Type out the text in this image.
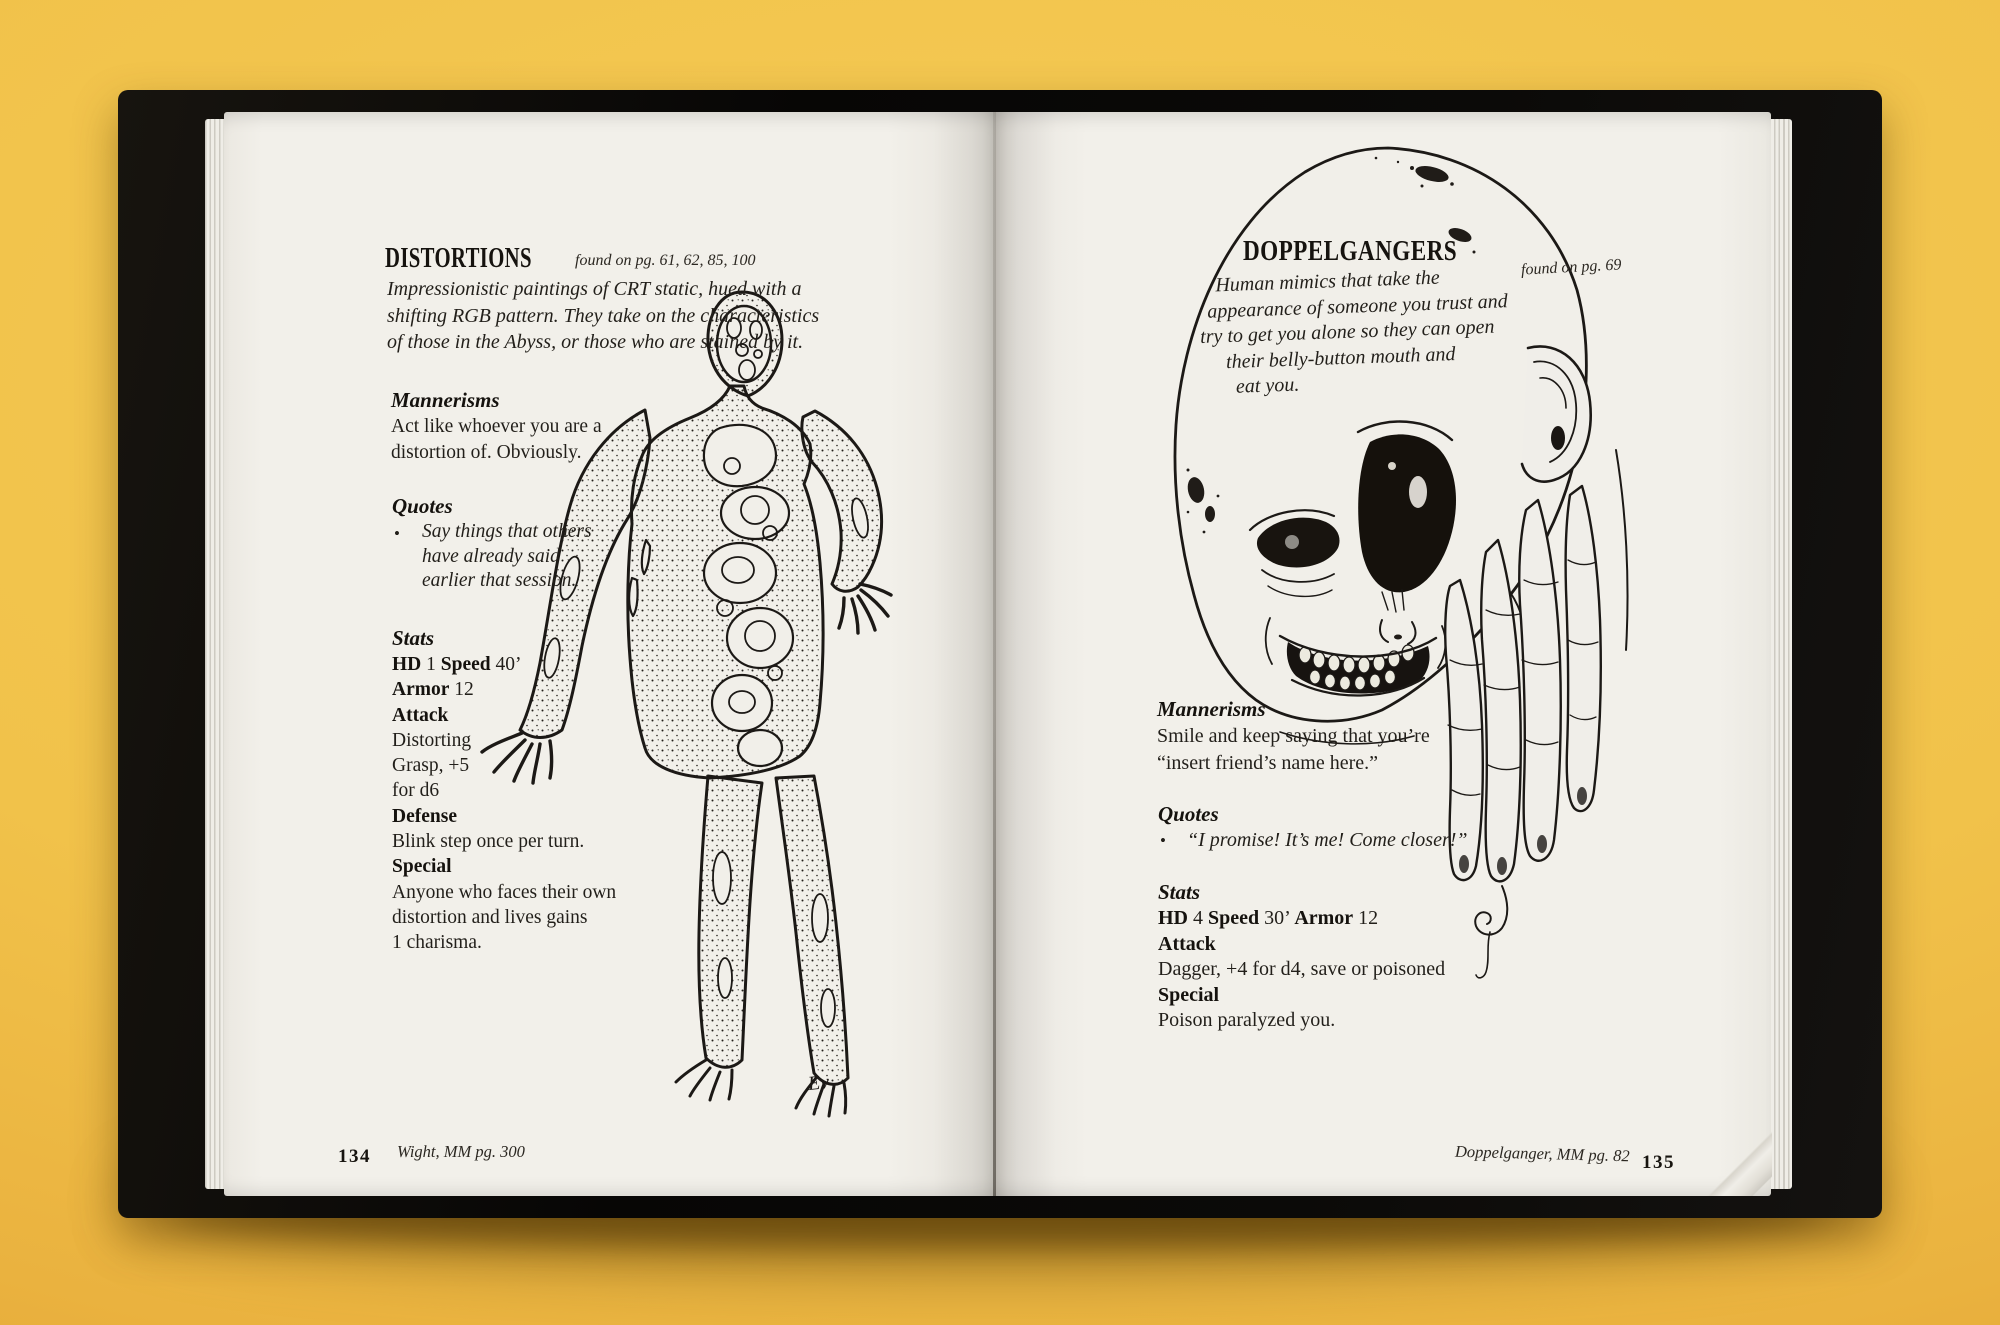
DISTORTIONS	found on pg. 61, 62, 85, 100
Impressionistic paintings of CRT static, hued with a
shifting RGB pattern. They take on the characteristics
of those in the Abyss, or those who are stained by it.
Mannerisms
Act like whoever you are a
distortion of. Obviously.
Quotes
• Say things that others
have already said
earlier that session.
Stats
HD 1 Speed 40’
Armor 12
Attack
Distorting
Grasp, +5
for d6
Defense
Blink step once per turn.
Special
Anyone who faces their own
distortion and lives gains
1 charisma.
Ev
134 Wight, MM pg. 300
DOPPELGANGERS
found on pg. 69
Human mimics that take the
appearance of someone you trust and
try to get you alone so they can open
their belly-button mouth and
eat you.
Mannerisms
Smile and keep saying that you’re
“insert friend’s name here.”
Quotes
• “I promise! It’s me! Come closer!”
Stats
HD 4 Speed 30’ Armor 12
Attack
Dagger, +4 for d4, save or poisoned
Special
Poison paralyzed you.
Doppelganger, MM pg. 82 135
